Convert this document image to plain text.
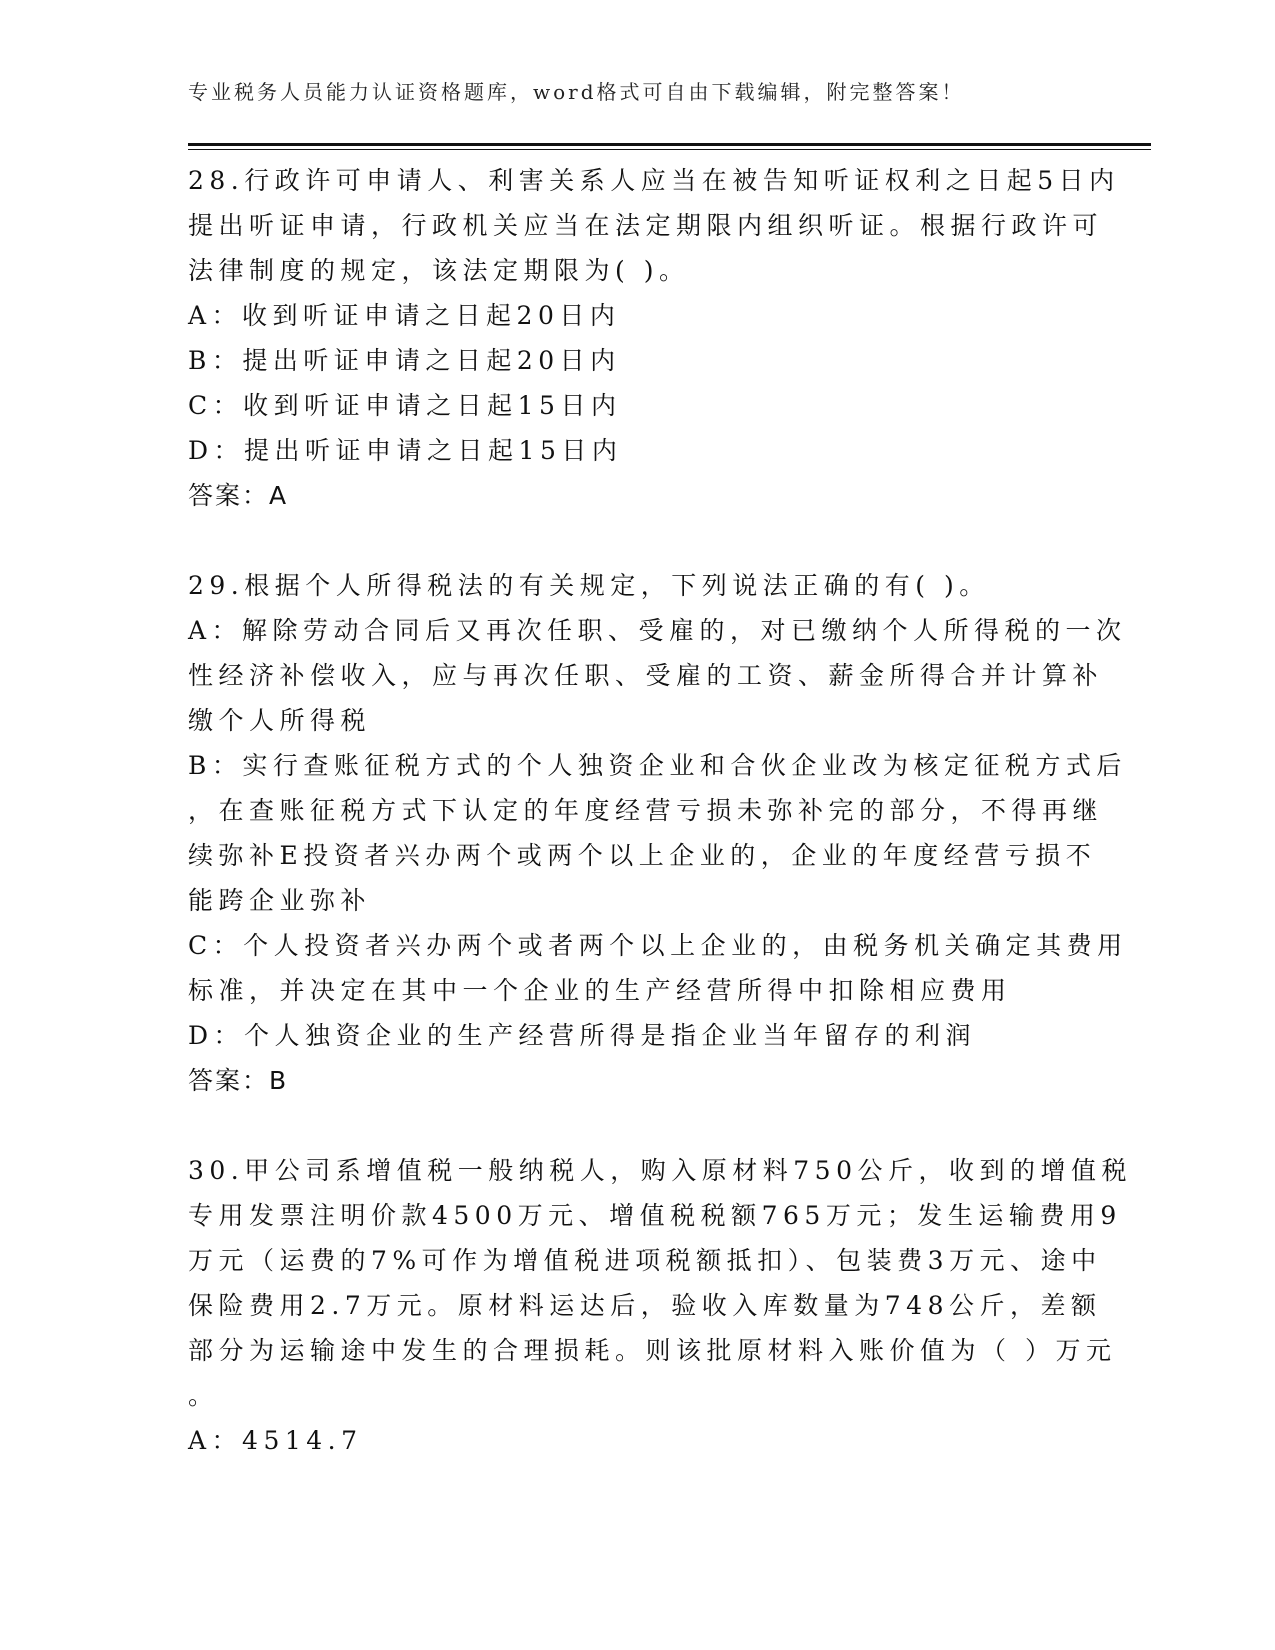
专业税务人员能力认证资格题库，word格式可自由下载编辑，附完整答案！
28.行政许可申请人、利害关系人应当在被告知听证权利之日起5日内
提出听证申请，行政机关应当在法定期限内组织听证。根据行政许可
法律制度的规定，该法定期限为( )。
A：收到听证申请之日起20日内
B：提出听证申请之日起20日内
C：收到听证申请之日起15日内
D：提出听证申请之日起15日内
答案：A
29.根据个人所得税法的有关规定，下列说法正确的有( )。
A：解除劳动合同后又再次任职、受雇的，对已缴纳个人所得税的一次
性经济补偿收入，应与再次任职、受雇的工资、薪金所得合并计算补
缴个人所得税
B：实行查账征税方式的个人独资企业和合伙企业改为核定征税方式后
，在查账征税方式下认定的年度经营亏损未弥补完的部分，不得再继
续弥补E投资者兴办两个或两个以上企业的，企业的年度经营亏损不
能跨企业弥补
C：个人投资者兴办两个或者两个以上企业的，由税务机关确定其费用
标准，并决定在其中一个企业的生产经营所得中扣除相应费用
D：个人独资企业的生产经营所得是指企业当年留存的利润
答案：B
30.甲公司系增值税一般纳税人，购入原材料750公斤，收到的增值税
专用发票注明价款4500万元、增值税税额765万元；发生运输费用9
万元（运费的7%可作为增值税进项税额抵扣）、包装费3万元、途中
保险费用2.7万元。原材料运达后，验收入库数量为748公斤，差额
部分为运输途中发生的合理损耗。则该批原材料入账价值为（ ）万元
。
A：4514.7
